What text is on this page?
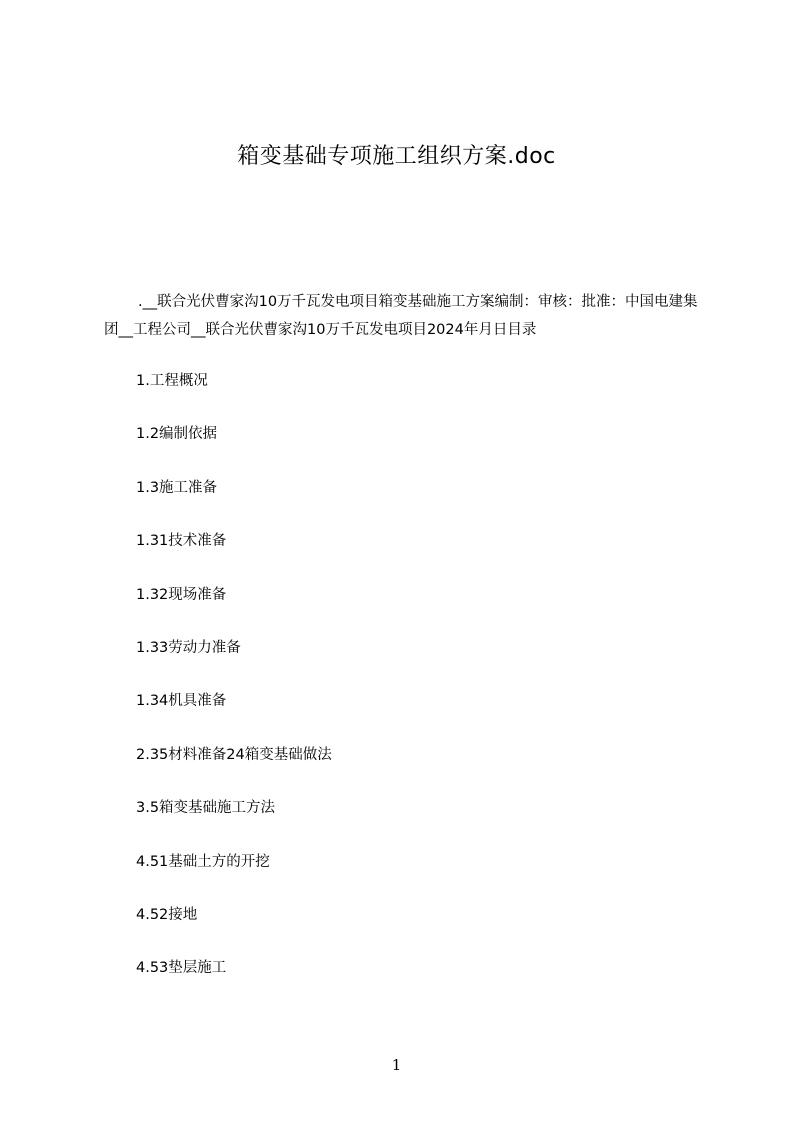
箱变基础专项施工组织方案.doc
.__联合光伏曹家沟10万千瓦发电项目箱变基础施工方案编制：审核：批准：中国电建集团__工程公司__联合光伏曹家沟10万千瓦发电项目2024年月日目录
1.工程概况
1.2编制依据
1.3施工准备
1.31技术准备
1.32现场准备
1.33劳动力准备
1.34机具准备
2.35材料准备24箱变基础做法
3.5箱变基础施工方法
4.51基础土方的开挖
4.52接地
4.53垫层施工
1
